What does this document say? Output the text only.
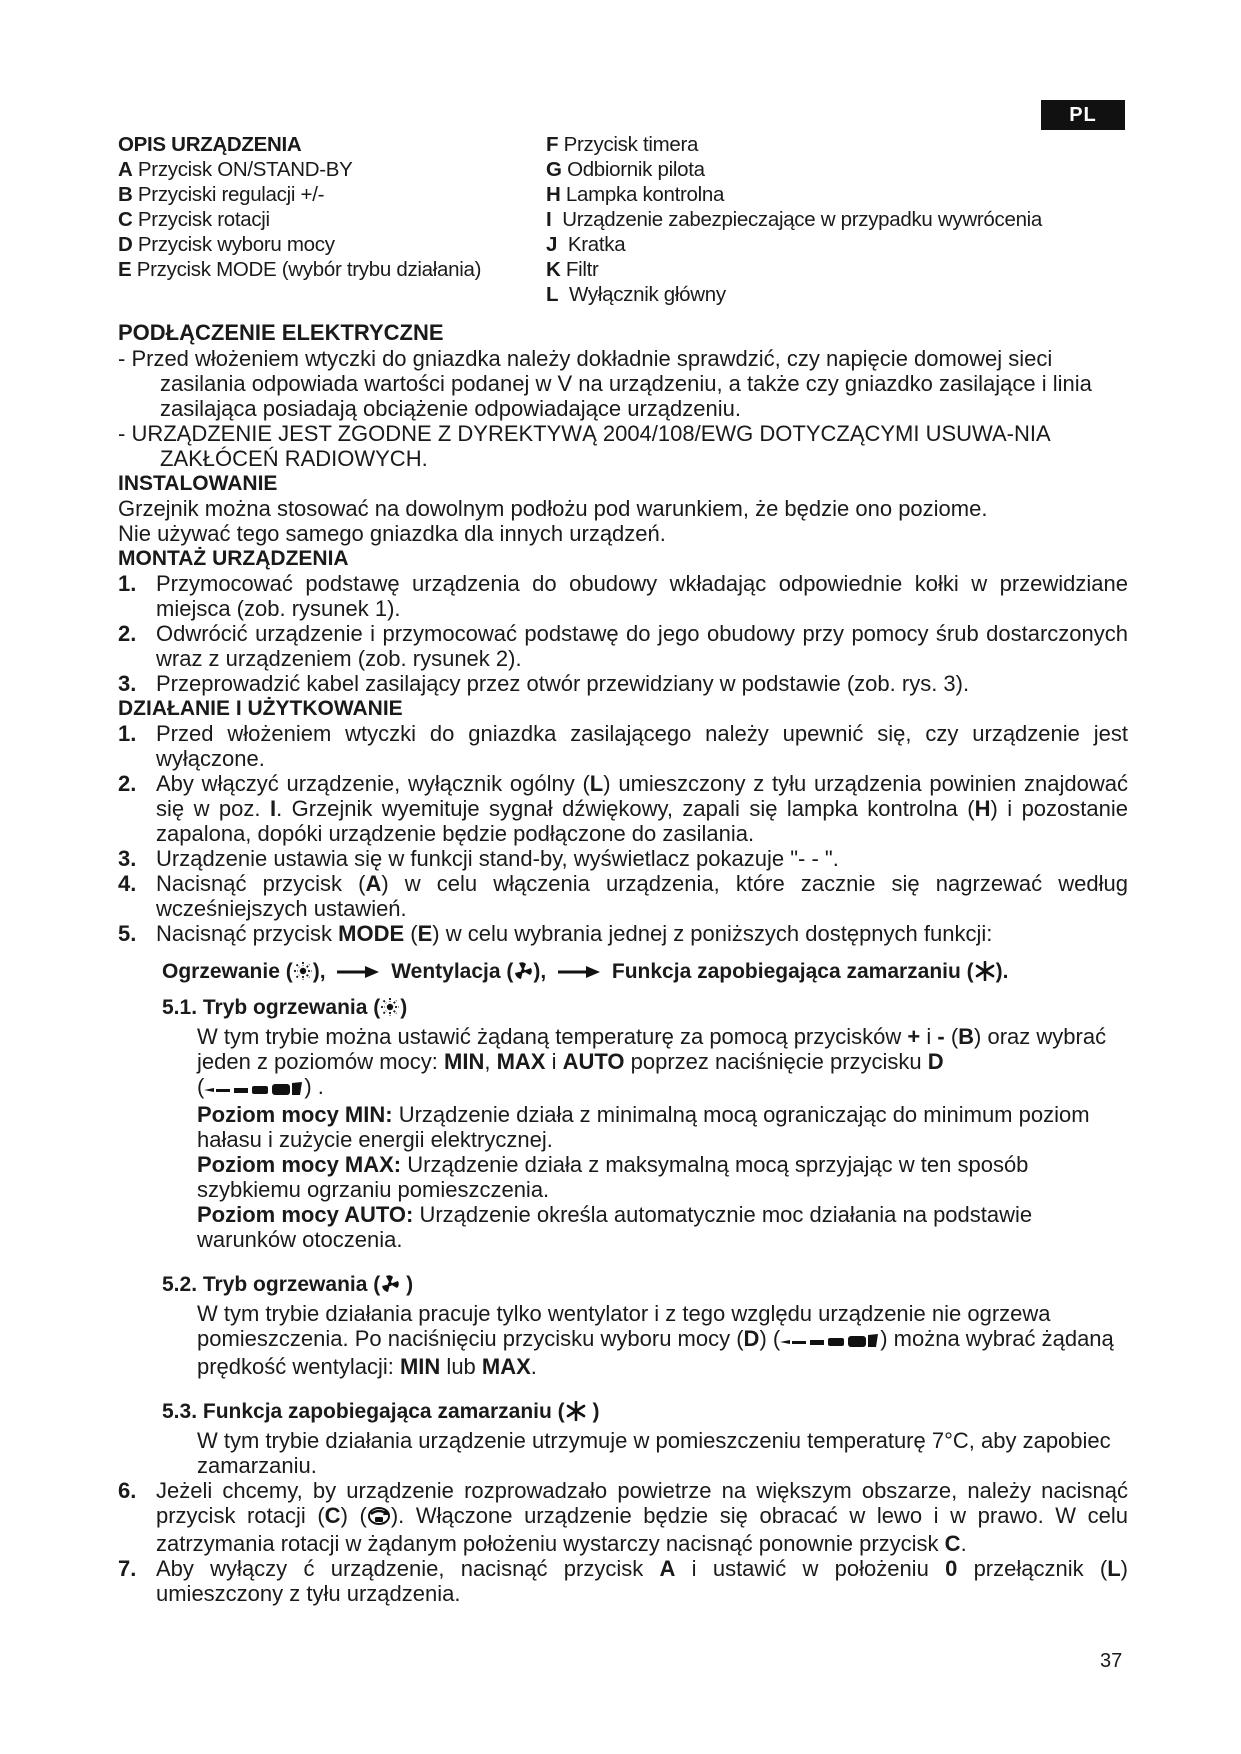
PL
OPIS URZĄDZENIA
A Przycisk ON/STAND-BY
B Przyciski regulacji +/-
C Przycisk rotacji
D Przycisk wyboru mocy
E Przycisk MODE (wybór trybu działania)
F Przycisk timera
G Odbiornik pilota
H Lampka kontrolna
I Urządzenie zabezpieczające w przypadku wywrócenia
J Kratka
K Filtr
L Wyłącznik główny
PODŁĄCZENIE ELEKTRYCZNE
- Przed włożeniem wtyczki do gniazdka należy dokładnie sprawdzić, czy napięcie domowej sieci zasilania odpowiada wartości podanej w V na urządzeniu, a także czy gniazdko zasilające i linia zasilająca posiadają obciążenie odpowiadające urządzeniu.
- URZĄDZENIE JEST ZGODNE Z DYREKTYWĄ 2004/108/EWG DOTYCZĄCYMI USUWA-NIA ZAKŁÓCEŃ RADIOWYCH.
INSTALOWANIE
Grzejnik można stosować na dowolnym podłożu pod warunkiem, że będzie ono poziome.
Nie używać tego samego gniazdka dla innych urządzeń.
MONTAŻ URZĄDZENIA
1. Przymocować podstawę urządzenia do obudowy wkładając odpowiednie kołki w przewidziane miejsca (zob. rysunek 1).
2. Odwrócić urządzenie i przymocować podstawę do jego obudowy przy pomocy śrub dostarczonych wraz z urządzeniem (zob. rysunek 2).
3. Przeprowadzić kabel zasilający przez otwór przewidziany w podstawie (zob. rys. 3).
DZIAŁANIE I UŻYTKOWANIE
1. Przed włożeniem wtyczki do gniazdka zasilającego należy upewnić się, czy urządzenie jest wyłączone.
2. Aby włączyć urządzenie, wyłącznik ogólny (L) umieszczony z tyłu urządzenia powinien znajdować się w poz. I. Grzejnik wyemituje sygnał dźwiękowy, zapali się lampka kontrolna (H) i pozostanie zapalona, dopóki urządzenie będzie podłączone do zasilania.
3. Urządzenie ustawia się w funkcji stand-by, wyświetlacz pokazuje "- - ".
4. Nacisnąć przycisk (A) w celu włączenia urządzenia, które zacznie się nagrzewać według wcześniejszych ustawień.
5. Nacisnąć przycisk MODE (E) w celu wybrania jednej z poniższych dostępnych funkcji:
Ogrzewanie ( ),	Wentylacja ( ),	Funkcja zapobiegająca zamarzaniu ( ).
5.1. Tryb ogrzewania ( )

W tym trybie można ustawić żądaną temperaturę za pomocą przycisków + i - (B) oraz wybrać jeden z poziomów mocy: MIN, MAX i AUTO poprzez naciśnięcie przycisku D
(	) .

Poziom mocy MIN: Urządzenie działa z minimalną mocą ograniczając do minimum poziom hałasu i zużycie energii elektrycznej.

Poziom mocy MAX: Urządzenie działa z maksymalną mocą sprzyjając w ten sposób szybkiemu ogrzaniu pomieszczenia.

Poziom mocy AUTO: Urządzenie określa automatycznie moc działania na podstawie warunków otoczenia.

5.2. Tryb ogrzewania ( )

W tym trybie działania pracuje tylko wentylator i z tego względu urządzenie nie ogrzewa pomieszczenia. Po naciśnięciu przycisku wyboru mocy (D) (	) można wybrać żądaną prędkość wentylacji: MIN lub MAX.

5.3. Funkcja zapobiegająca zamarzaniu ( )

W tym trybie działania urządzenie utrzymuje w pomieszczeniu temperaturę 7°C, aby zapobiec zamarzaniu.

6. Jeżeli chcemy, by urządzenie rozprowadzało powietrze na większym obszarze, należy nacisnąć przycisk rotacji (C) ( ). Włączone urządzenie będzie się obracać w lewo i w prawo. W celu zatrzymania rotacji w żądanym położeniu wystarczy nacisnąć ponownie przycisk C.
7. Aby wyłączy ć urządzenie, nacisnąć przycisk A i ustawić w położeniu 0 przełącznik (L) umieszczony z tyłu urządzenia.
37
